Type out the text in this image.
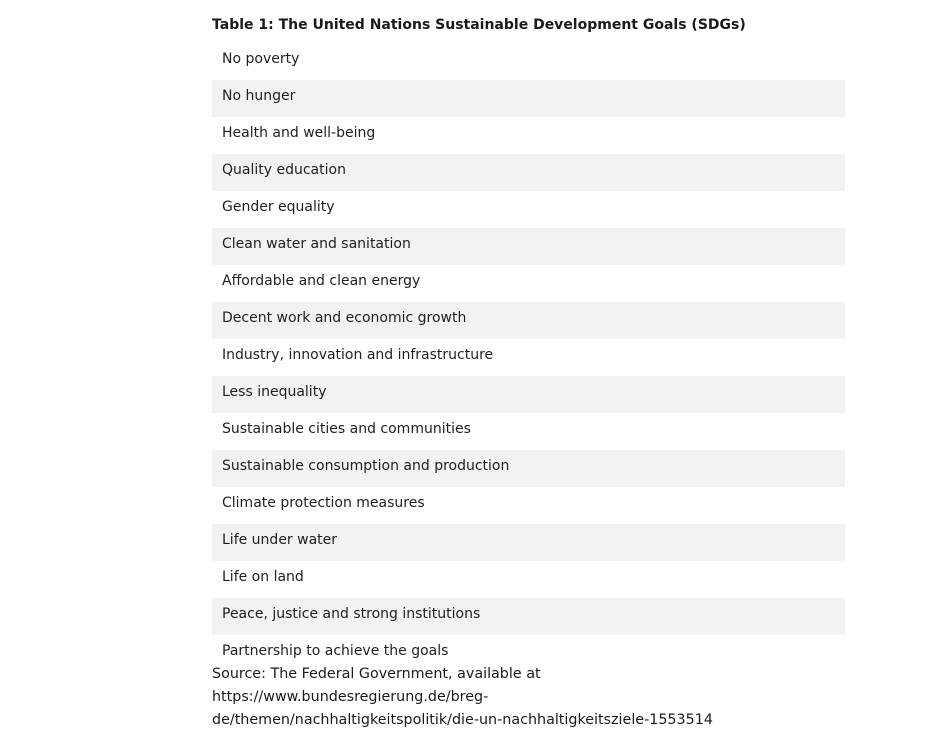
Table 1: The United Nations Sustainable Development Goals (SDGs)

No poverty
No hunger
Health and well-being
Quality education
Gender equality
Clean water and sanitation
Affordable and clean energy
Decent work and economic growth
Industry, innovation and infrastructure
Less inequality
Sustainable cities and communities
Sustainable consumption and production
Climate protection measures
Life under water
Life on land
Peace, justice and strong institutions
Partnership to achieve the goals

Source: The Federal Government, available at https://www.bundesregierung.de/breg-
de/themen/nachhaltigkeitspolitik/die-un-nachhaltigkeitsziele-1553514
